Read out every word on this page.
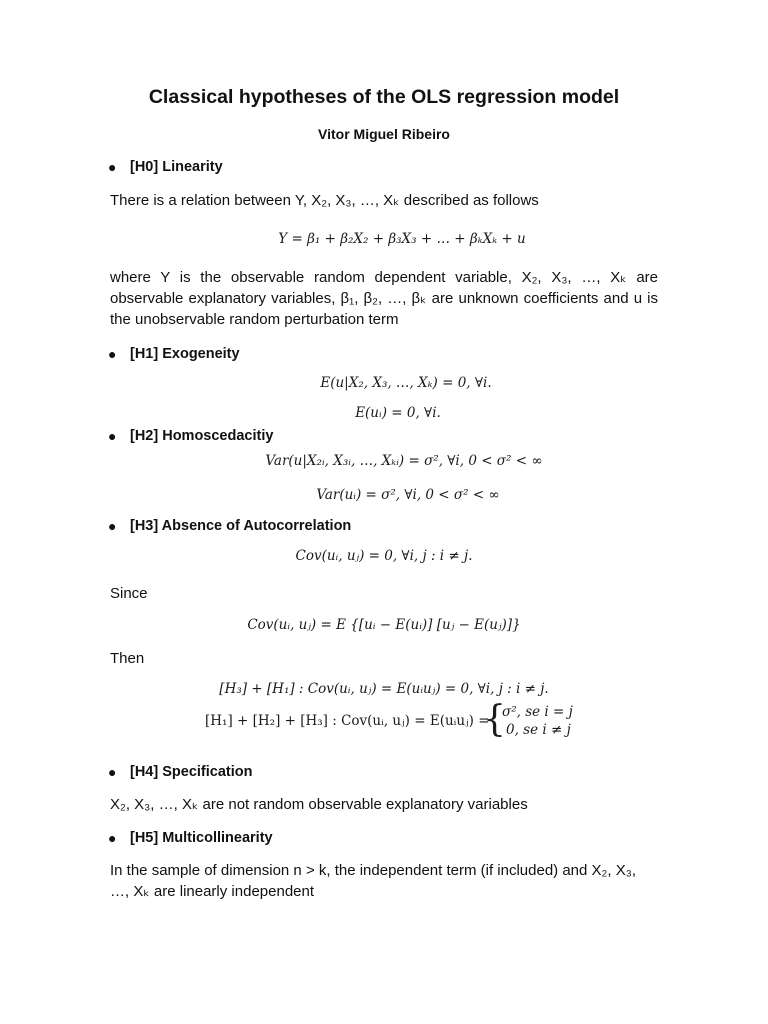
Classical hypotheses of the OLS regression model
Vitor Miguel Ribeiro
● [H0] Linearity
There is a relation between Y, X₂, X₃, …, Xₖ described as follows
Y = β₁ + β₂X₂ + β₃X₃ + … + βₖXₖ + u
where Y is the observable random dependent variable, X₂, X₃, …, Xₖ are observable explanatory variables, β₁, β₂, …, βₖ are unknown coefficients and u is the unobservable random perturbation term
● [H1] Exogeneity
E(u|X₂, X₃, …, Xₖ) = 0, ∀i.
E(uᵢ) = 0, ∀i.
● [H2] Homoscedacitiy
Var(u|X₂ᵢ, X₃ᵢ, …, Xₖᵢ) = σ², ∀i, 0 < σ² < ∞
Var(uᵢ) = σ², ∀i, 0 < σ² < ∞
● [H3] Absence of Autocorrelation
Cov(uᵢ, uⱼ) = 0, ∀i, j : i ≠ j.
Since
Cov(uᵢ, uⱼ) = E {[uᵢ − E(uᵢ)] [uⱼ − E(uⱼ)]}
Then
[H₃] + [H₁] : Cov(uᵢ, uⱼ) = E(uᵢuⱼ) = 0, ∀i, j : i ≠ j.
[H₁] + [H₂] + [H₃] : Cov(uᵢ, uⱼ) = E(uᵢuⱼ) =
{
σ², se i = j
0, se i ≠ j
● [H4] Specification
X₂, X₃, …, Xₖ are not random observable explanatory variables
● [H5] Multicollinearity
In the sample of dimension n > k, the independent term (if included) and X₂, X₃, …, Xₖ are linearly independent
